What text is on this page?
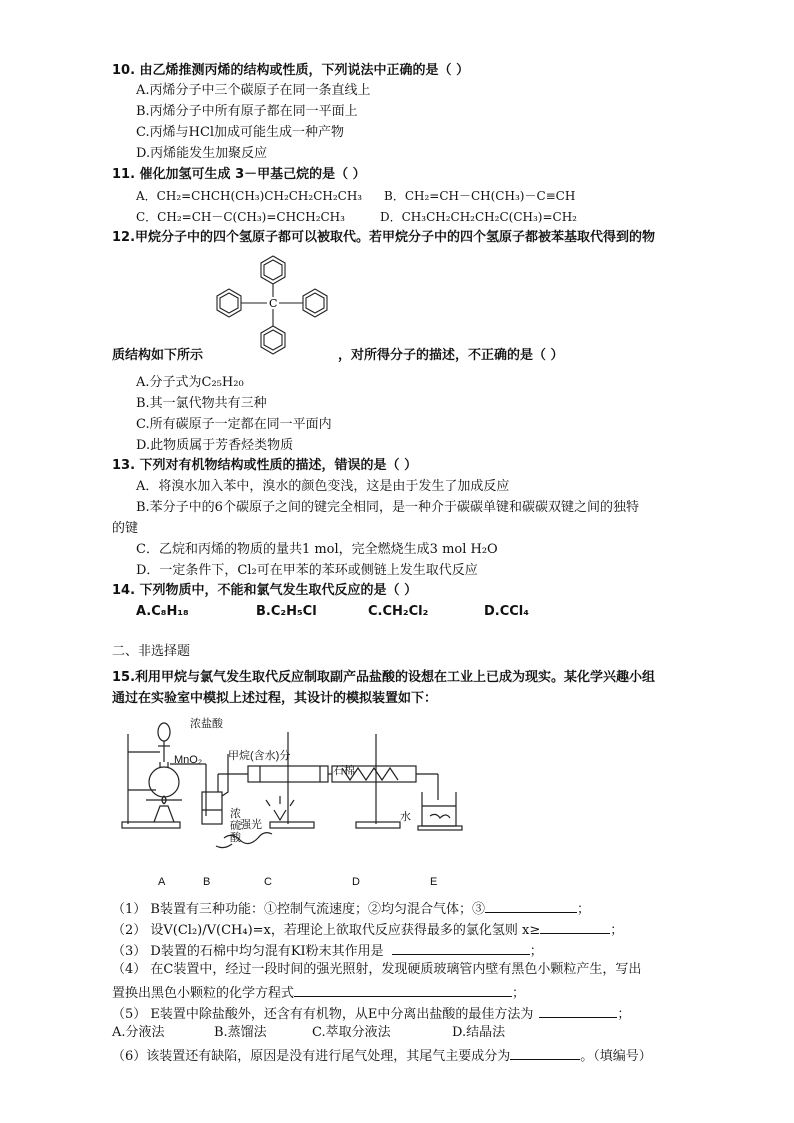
10. 由乙烯推测丙烯的结构或性质，下列说法中正确的是（ ）
A.丙烯分子中三个碳原子在同一条直线上
B.丙烯分子中所有原子都在同一平面上
C.丙烯与HCl加成可能生成一种产物
D.丙烯能发生加聚反应
11. 催化加氢可生成 3－甲基己烷的是（ ）
A．CH₂=CHCH(CH₃)CH₂CH₂CH₂CH₃ B．CH₂=CH－CH(CH₃)－C≡CH
C．CH₂=CH－C(CH₃)=CHCH₂CH₃	D．CH₃CH₂CH₂CH₂C(CH₃)=CH₂
12.甲烷分子中的四个氢原子都可以被取代。若甲烷分子中的四个氢原子都被苯基取代得到的物
C
质结构如下所示	，对所得分子的描述，不正确的是（ ）
A.分子式为C₂₅H₂₀
B.其一氯代物共有三种
C.所有碳原子一定都在同一平面内
D.此物质属于芳香烃类物质
13. 下列对有机物结构或性质的描述，错误的是（ ）
A．将溴水加入苯中，溴水的颜色变浅，这是由于发生了加成反应
B.苯分子中的6个碳原子之间的键完全相同，是一种介于碳碳单键和碳碳双键之间的独特
的键
C．乙烷和丙烯的物质的量共1 mol，完全燃烧生成3 mol H₂O
D．一定条件下，Cl₂可在甲苯的苯环或侧链上发生取代反应
14. 下列物质中，不能和氯气发生取代反应的是（ ）
A.C₈H₁₈	B.C₂H₅Cl	C.CH₂Cl₂	D.CCl₄
二、非选择题
15.利用甲烷与氯气发生取代反应制取副产品盐酸的设想在工业上已成为现实。某化学兴趣小组
通过在实验室中模拟上述过程，其设计的模拟装置如下：
浓盐酸
MnO₂ 甲烷(含水)分
石棉
水
强光
浓硫酸
A	B	C	D	E
（1） B装置有三种功能：①控制气流速度；②均匀混合气体；③	；
（2） 设V(Cl₂)/V(CH₄)=x，若理论上欲取代反应获得最多的氯化氢则 x≥	；
（3） D装置的石棉中均匀混有KI粉末其作用是	；
（4） 在C装置中，经过一段时间的强光照射，发现硬质玻璃管内壁有黑色小颗粒产生，写出
置换出黑色小颗粒的化学方程式	；
（5） E装置中除盐酸外，还含有有机物，从E中分离出盐酸的最佳方法为	；
A.分液法	B.蒸馏法	C.萃取分液法	D.结晶法
（6）该装置还有缺陷，原因是没有进行尾气处理，其尾气主要成分为	。（填编号）
